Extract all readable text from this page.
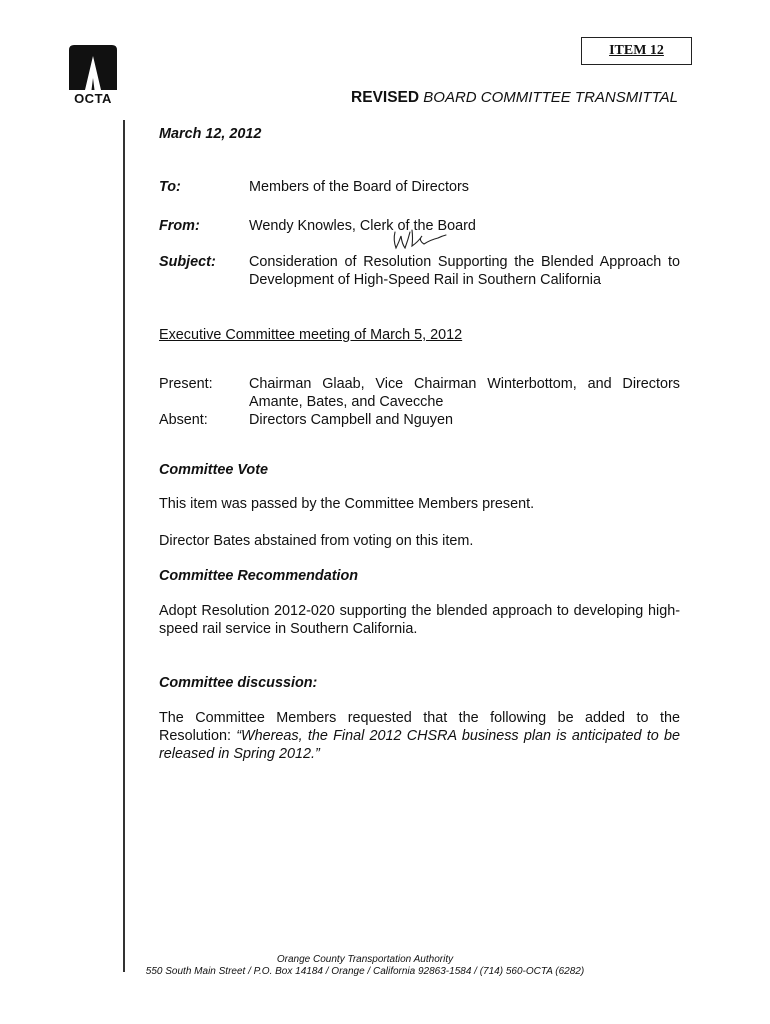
OCTA
ITEM 12
REVISED BOARD COMMITTEE TRANSMITTAL
March 12, 2012
To:	Members of the Board of Directors
From:	Wendy Knowles, Clerk of the Board
Subject: Consideration of Resolution Supporting the Blended Approach to Development of High-Speed Rail in Southern California
Executive Committee meeting of March 5, 2012
Present:	Chairman Glaab, Vice Chairman Winterbottom, and Directors Amante, Bates, and Cavecche
Absent:	Directors Campbell and Nguyen
Committee Vote
This item was passed by the Committee Members present.
Director Bates abstained from voting on this item.
Committee Recommendation
Adopt Resolution 2012-020 supporting the blended approach to developing high-speed rail service in Southern California.
Committee discussion:
The Committee Members requested that the following be added to the Resolution: “Whereas, the Final 2012 CHSRA business plan is anticipated to be released in Spring 2012.”
Orange County Transportation Authority
550 South Main Street / P.O. Box 14184 / Orange / California 92863-1584 / (714) 560-OCTA (6282)
